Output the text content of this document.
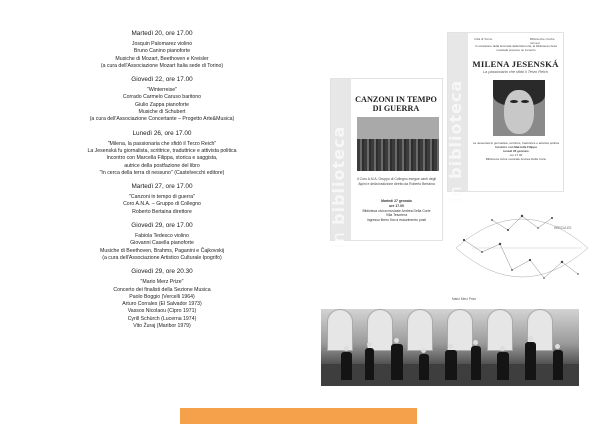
Martedì 20, ore 17.00
Josquin Palomarez violino
Bruno Canino pianoforte
Musiche di Mozart, Beethoven e Kreisler
(a cura dell'Associazione Mozart Italia sede di Torino)
Giovedì 22, ore 17.00
"Winterreise"
Corrado Carmelo Caruso baritono
Giulio Zappa pianoforte
Musiche di Schubert
(a cura dell'Associazione Concertante – Progetto Arte&Musica)
Lunedì 26, ore 17.00
"Milena, la passionaria che sfidò il Terzo Reich"
La Jesenská fu giornalista, scrittrice, traduttrice e attivista politica
Incontro con Marcella Filippa, storica e saggista,
autrice della postfazione del libro
"In cerca della terra di nessuno" (Castelvecchi editore)
Martedì 27, ore 17.00
"Canzoni in tempo di guerra"
Coro A.N.A. – Gruppo di Collegno
Roberto Bertaina direttore
Giovedì 29, ore 17.00
Fabiola Tedesco violino
Giovanni Casella pianoforte
Musiche di Beethoven, Brahms, Paganini e Čajkovskij
(a cura dell'Associazione Artistico Culturale Ipogrifo)
Giovedì 29, ore 20.30
"Mario Merz Prize"
Concerto dei finalisti della Sezione Musica
Paolo Boggio (Vercelli 1964)
Arturo Corrales (El Salvador 1973)
Vassos Nicolaou (Cipro 1971)
Cyrill Schürch (Lucerna 1974)
Vito Žuraj (Maribor 1979)
in biblioteca
CANZONI IN TEMPO DI GUERRA
Il Coro A.N.A. Gruppo di Collegno esegue canti degli Alpini e della tradizione diretto da Roberto Bertaina
Martedì 27 gennaio
ore 17.00
Biblioteca civica musicale Andrea Della Corte
Villa Tesoriera
ingresso libero fino a esaurimento posti
in biblioteca
Città di Torino	Biblioteche civiche torinesi
In occasione della Giornata della Memoria, la biblioteca civica musicale propone un incontro
MILENA JESENSKÁ
La passionaria che sfidò il Terzo Reich
La Jesenská fu giornalista, scrittrice, traduttrice e attivista politica
Incontro con Marcella Filippa
lunedì 26 gennaio
ore 17.00
Biblioteca civica musicale Andrea Della Corte
HÉRCULES
Mario Merz Prize
